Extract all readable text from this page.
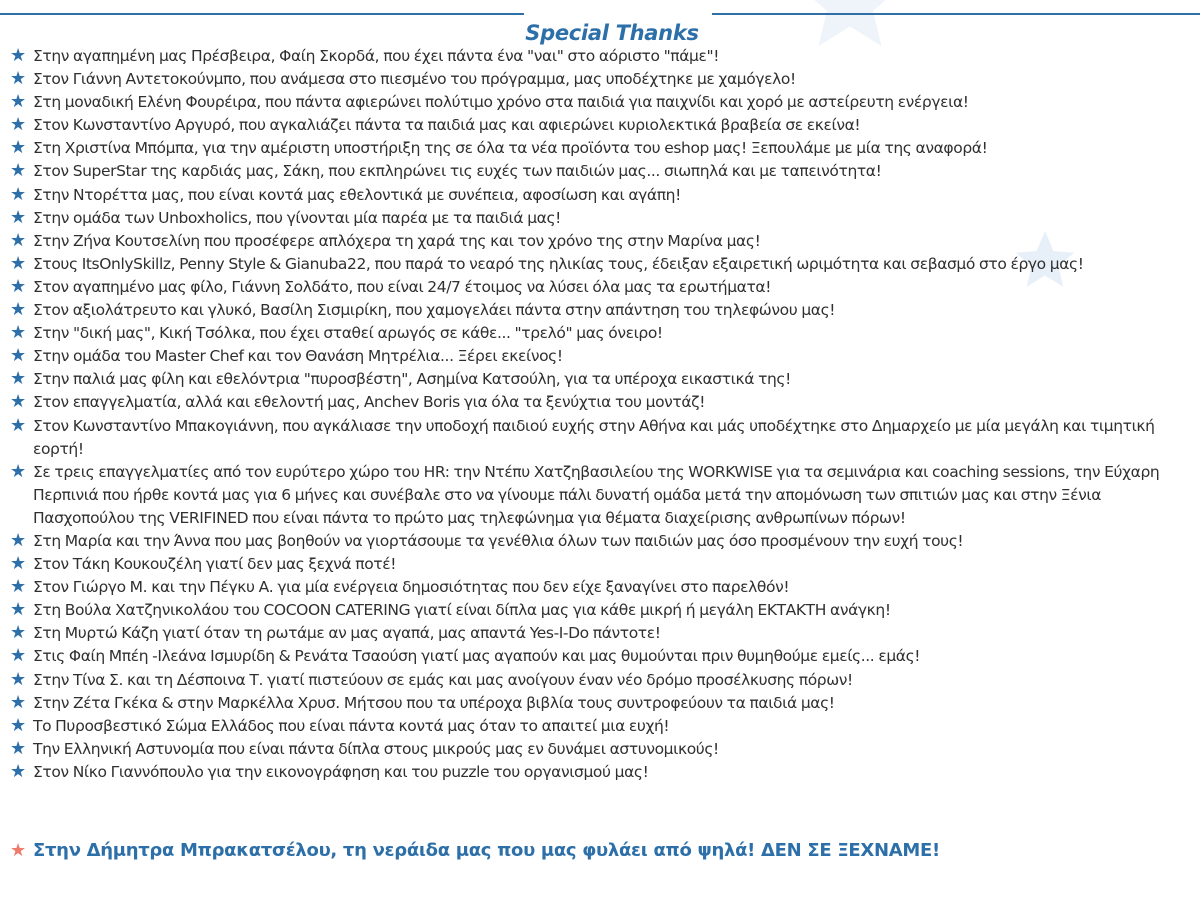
Special Thanks
★ Στην αγαπημένη μας Πρέσβειρα, Φαίη Σκορδά, που έχει πάντα ένα "ναι" στο αόριστο "πάμε"!
★ Στον Γιάννη Αντετοκούνμπο, που ανάμεσα στο πιεσμένο του πρόγραμμα, μας υποδέχτηκε με χαμόγελο!
★ Στη μοναδική Ελένη Φουρέιρα, που πάντα αφιερώνει πολύτιμο χρόνο στα παιδιά για παιχνίδι και χορό με αστείρευτη ενέργεια!
★ Στον Κωνσταντίνο Αργυρό, που αγκαλιάζει πάντα τα παιδιά μας και αφιερώνει κυριολεκτικά βραβεία σε εκείνα!
★ Στη Χριστίνα Μπόμπα, για την αμέριστη υποστήριξη της σε όλα τα νέα προϊόντα του eshop μας! Ξεπουλάμε με μία της αναφορά!
★ Στον SuperStar της καρδιάς μας, Σάκη, που εκπληρώνει τις ευχές των παιδιών μας... σιωπηλά και με ταπεινότητα!
★ Στην Ντορέττα μας, που είναι κοντά μας εθελοντικά με συνέπεια, αφοσίωση και αγάπη!
★ Στην ομάδα των Unboxholics, που γίνονται μία παρέα με τα παιδιά μας!
★ Στην Ζήνα Κουτσελίνη που προσέφερε απλόχερα τη χαρά της και τον χρόνο της στην Μαρίνα μας!
★ Στους ItsOnlySkillz, Penny Style & Gianuba22, που παρά το νεαρό της ηλικίας τους, έδειξαν εξαιρετική ωριμότητα και σεβασμό στο έργο μας!
★ Στον αγαπημένο μας φίλο, Γιάννη Σολδάτο, που είναι 24/7 έτοιμος να λύσει όλα μας τα ερωτήματα!
★ Στον αξιολάτρευτο και γλυκό, Βασίλη Σισμιρίκη, που χαμογελάει πάντα στην απάντηση του τηλεφώνου μας!
★ Στην "δική μας", Κική Τσόλκα, που έχει σταθεί αρωγός σε κάθε... "τρελό" μας όνειρο!
★ Στην ομάδα του Master Chef και τον Θανάση Μητρέλια... Ξέρει εκείνος!
★ Στην παλιά μας φίλη και εθελόντρια "πυροσβέστη", Ασημίνα Κατσούλη, για τα υπέροχα εικαστικά της!
★ Στον επαγγελματία, αλλά και εθελοντή μας, Anchev Boris για όλα τα ξενύχτια του μοντάζ!
★ Στον Κωνσταντίνο Μπακογιάννη, που αγκάλιασε την υποδοχή παιδιού ευχής στην Αθήνα και μάς υποδέχτηκε στο Δημαρχείο με μία μεγάλη και τιμητική εορτή!
★ Σε τρεις επαγγελματίες από τον ευρύτερο χώρο του HR: την Ντέπυ Χατζηβασιλείου της WORKWISE για τα σεμινάρια και coaching sessions, την Εύχαρη Περπινιά που ήρθε κοντά μας για 6 μήνες και συνέβαλε στο να γίνουμε πάλι δυνατή ομάδα μετά την απομόνωση των σπιτιών μας και στην Ξένια Πασχοπούλου της VERIFINED που είναι πάντα το πρώτο μας τηλεφώνημα για θέματα διαχείρισης ανθρωπίνων πόρων!
★ Στη Μαρία και την Άννα που μας βοηθούν να γιορτάσουμε τα γενέθλια όλων των παιδιών μας όσο προσμένουν την ευχή τους!
★ Στον Τάκη Κουκουζέλη γιατί δεν μας ξεχνά ποτέ!
★ Στον Γιώργο Μ. και την Πέγκυ Α. για μία ενέργεια δημοσιότητας που δεν είχε ξαναγίνει στο παρελθόν!
★ Στη Βούλα Χατζηνικολάου του COCOON CATERING γιατί είναι δίπλα μας για κάθε μικρή ή μεγάλη ΕΚΤΑΚΤΗ ανάγκη!
★ Στη Μυρτώ Κάζη γιατί όταν τη ρωτάμε αν μας αγαπά, μας απαντά Yes-I-Do πάντοτε!
★ Στις Φαίη Μπέη -Ιλεάνα Ισμυρίδη & Ρενάτα Τσαούση γιατί μας αγαπούν και μας θυμούνται πριν θυμηθούμε εμείς... εμάς!
★ Στην Τίνα Σ. και τη Δέσποινα Τ. γιατί πιστεύουν σε εμάς και μας ανοίγουν έναν νέο δρόμο προσέλκυσης πόρων!
★ Στην Ζέτα Γκέκα & στην Μαρκέλλα Χρυσ. Μήτσου που τα υπέροχα βιβλία τους συντροφεύουν τα παιδιά μας!
★ Το Πυροσβεστικό Σώμα Ελλάδος που είναι πάντα κοντά μας όταν το απαιτεί μια ευχή!
★ Την Ελληνική Αστυνομία που είναι πάντα δίπλα στους μικρούς μας εν δυνάμει αστυνομικούς!
★ Στον Νίκο Γιαννόπουλο για την εικονογράφηση και του puzzle του οργανισμού μας!
★ Στην Δήμητρα Μπρακατσέλου, τη νεράιδα μας που μας φυλάει από ψηλά! ΔΕΝ ΣΕ ΞΕΧΝΑΜΕ!
